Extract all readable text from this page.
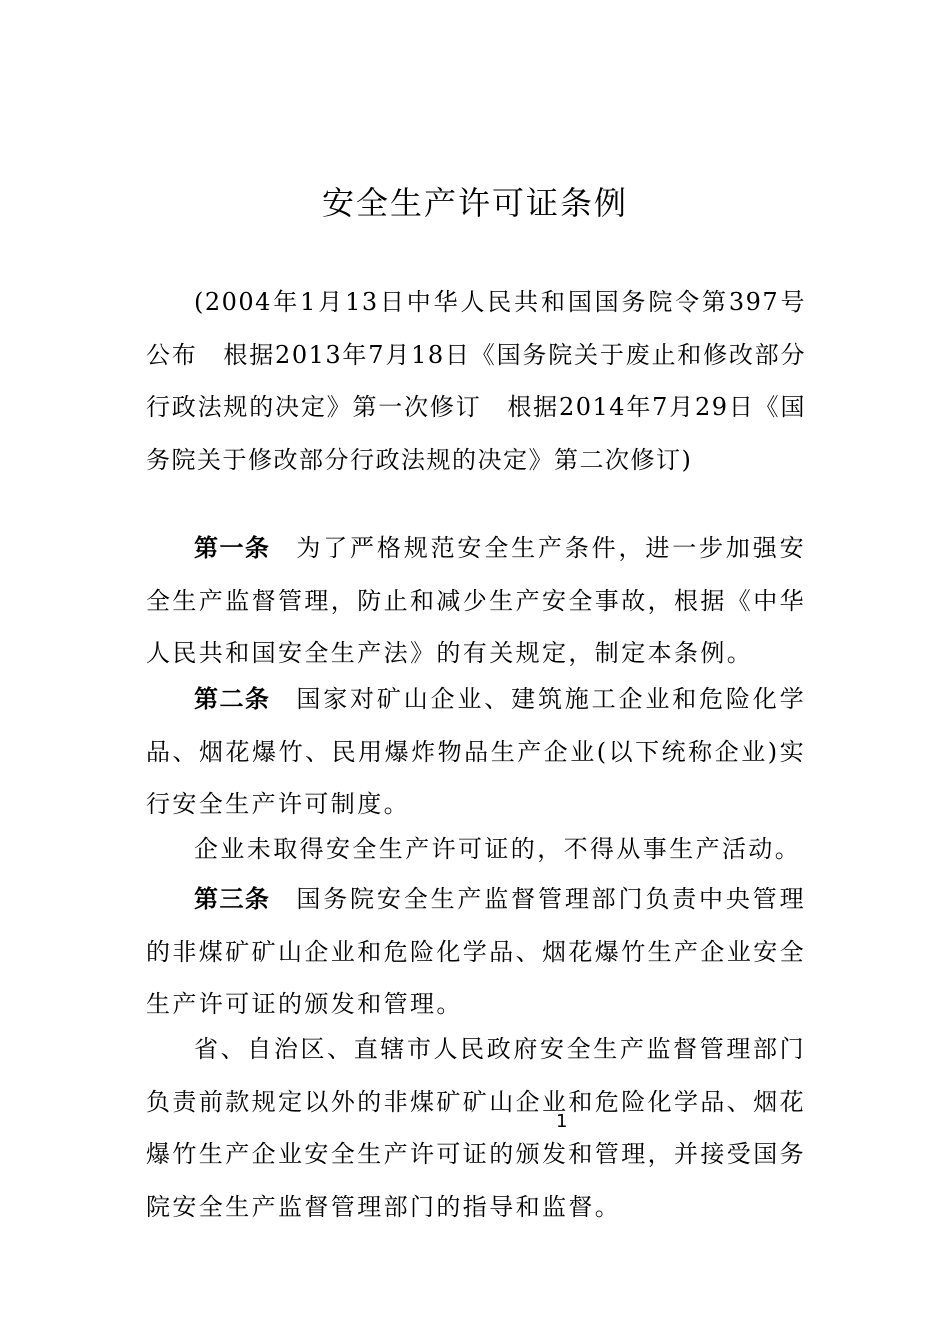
安全生产许可证条例

(2004年1月13日中华人民共和国国务院令第397号公布　根据2013年7月18日《国务院关于废止和修改部分行政法规的决定》第一次修订　根据2014年7月29日《国务院关于修改部分行政法规的决定》第二次修订)

第一条 为了严格规范安全生产条件，进一步加强安全生产监督管理，防止和减少生产安全事故，根据《中华人民共和国安全生产法》的有关规定，制定本条例。

第二条 国家对矿山企业、建筑施工企业和危险化学品、烟花爆竹、民用爆炸物品生产企业(以下统称企业)实行安全生产许可制度。

企业未取得安全生产许可证的，不得从事生产活动。

第三条 国务院安全生产监督管理部门负责中央管理的非煤矿矿山企业和危险化学品、烟花爆竹生产企业安全生产许可证的颁发和管理。

省、自治区、直辖市人民政府安全生产监督管理部门负责前款规定以外的非煤矿矿山企业和危险化学品、烟花爆竹生产企业安全生产许可证的颁发和管理，并接受国务院安全生产监督管理部门的指导和监督。

1
